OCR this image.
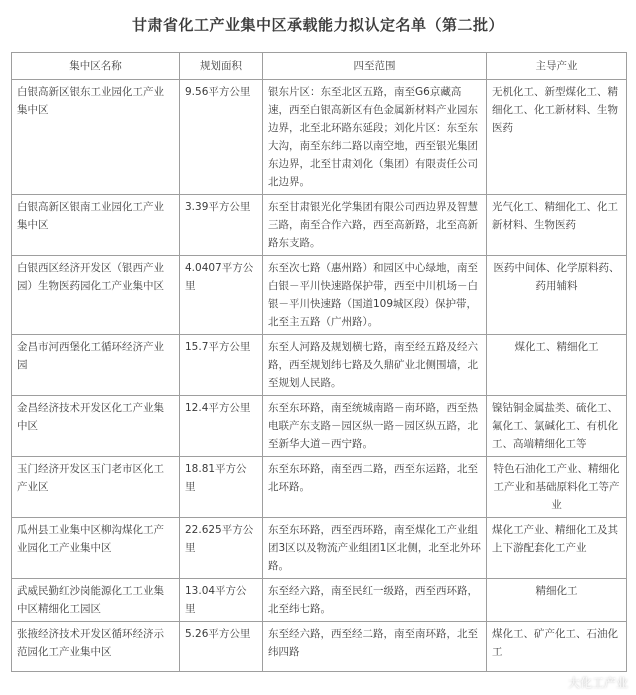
甘肃省化工产业集中区承载能力拟认定名单（第二批）
集中区名称	规划面积	四至范围	主导产业
白银高新区银东工业园化工产业集中区	9.56平方公里	银东片区：东至北区五路，南至G6京藏高速，西至白银高新区有色金属新材料产业园东边界，北至北环路东延段；刘化片区：东至东大沟，南至东纬二路以南空地，西至银光集团东边界，北至甘肃刘化（集团）有限责任公司北边界。	无机化工、新型煤化工、精细化工、化工新材料、生物医药
白银高新区银南工业园化工产业集中区	3.39平方公里	东至甘肃银光化学集团有限公司西边界及智慧三路，南至合作六路，西至高新路，北至高新路东支路。	光气化工、精细化工、化工新材料、生物医药
白银西区经济开发区（银西产业园）生物医药园化工产业集中区	4.0407平方公里	东至次七路（惠州路）和园区中心绿地，南至白银－平川快速路保护带，西至中川机场－白银－平川快速路（国道109城区段）保护带，北至主五路（广州路）。	医药中间体、化学原料药、药用辅料
金昌市河西堡化工循环经济产业园	15.7平方公里	东至人河路及规划横七路，南至经五路及经六路，西至规划纬七路及久鼎矿业北侧围墙，北至规划人民路。	煤化工、精细化工
金昌经济技术开发区化工产业集中区	12.4平方公里	东至东环路，南至统城南路－南环路，西至热电联产东支路－园区纵一路－园区纵五路，北至新华大道－西宁路。	镍钴铜金属盐类、硫化工、氟化工、氯碱化工、有机化工、高端精细化工等
玉门经济开发区玉门老市区化工产业区	18.81平方公里	东至东环路，南至西二路，西至东运路，北至北环路。	特色石油化工产业、精细化工产业和基础原料化工等产业
瓜州县工业集中区柳沟煤化工产业园化工产业集中区	22.625平方公里	东至东环路，西至西环路，南至煤化工产业组团3区以及物流产业组团1区北侧，北至北外环路。	煤化工产业、精细化工及其上下游配套化工产业
武威民勤红沙岗能源化工工业集中区精细化工园区	13.04平方公里	东至经六路，南至民红一级路，西至西环路，北至纬七路。	精细化工
张掖经济技术开发区循环经济示范园化工产业集中区	5.26平方公里	东至经六路，西至经二路，南至南环路，北至纬四路	煤化工、矿产化工、石油化工
大化工产业
